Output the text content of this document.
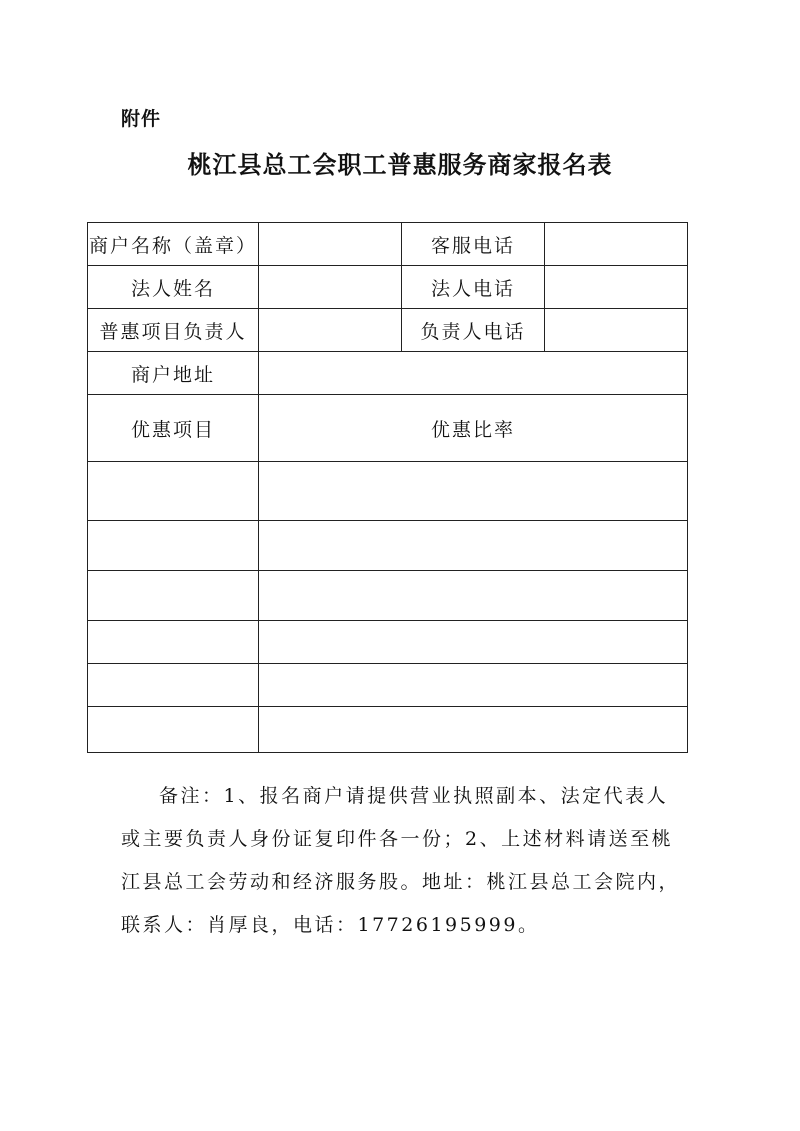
附件
桃江县总工会职工普惠服务商家报名表
商户名称（盖章）		客服电话	
法人姓名		法人电话	
普惠项目负责人		负责人电话	
商户地址			
优惠项目	优惠比率		

备注：1、报名商户请提供营业执照副本、法定代表人
或主要负责人身份证复印件各一份；2、上述材料请送至桃
江县总工会劳动和经济服务股。地址：桃江县总工会院内，
联系人：肖厚良，电话：17726195999。
